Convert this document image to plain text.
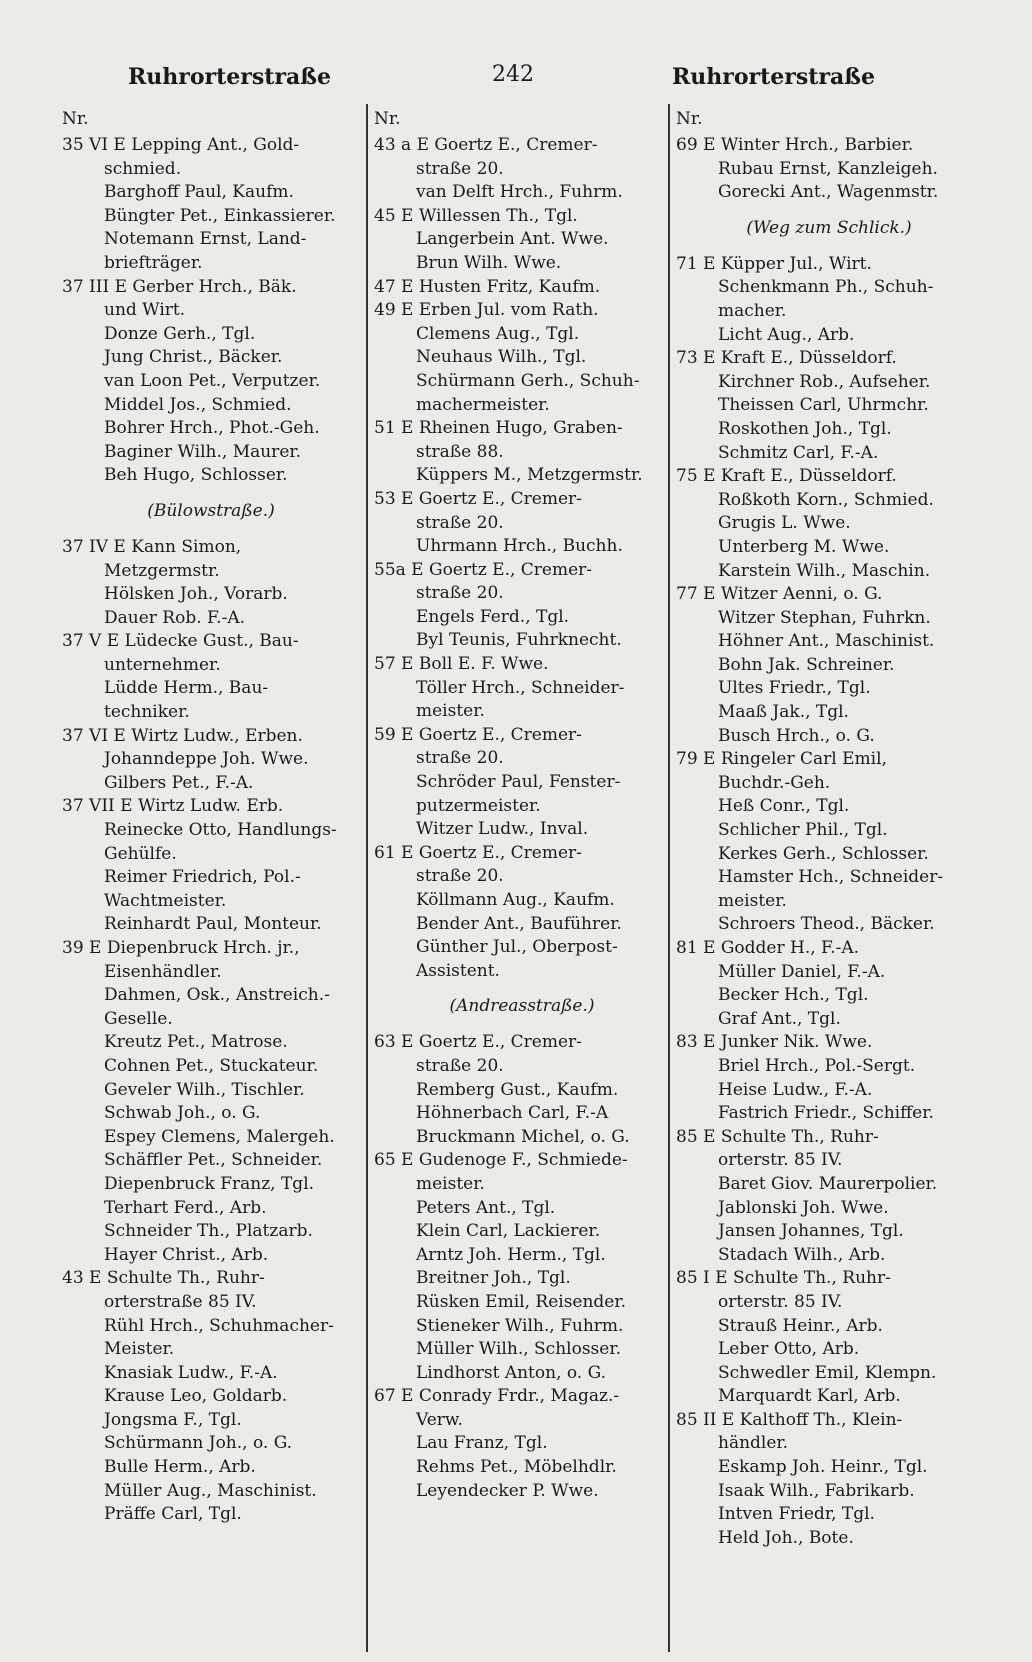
Ruhrorterstraße	242	Ruhrorterstraße
Nr.
35 VI E Lepping Ant., Gold-
schmied.
Barghoff Paul, Kaufm.
Büngter Pet., Einkassierer.
Notemann Ernst, Land-
briefträger.
37 III E Gerber Hrch., Bäk.
und Wirt.
Donze Gerh., Tgl.
Jung Christ., Bäcker.
van Loon Pet., Verputzer.
Middel Jos., Schmied.
Bohrer Hrch., Phot.-Geh.
Baginer Wilh., Maurer.
Beh Hugo, Schlosser.
(Bülowstraße.)
37 IV E Kann Simon,
Metzgermstr.
Hölsken Joh., Vorarb.
Dauer Rob. F.-A.
37 V E Lüdecke Gust., Bau-
unternehmer.
Lüdde Herm., Bau-
techniker.
37 VI E Wirtz Ludw., Erben.
Johanndeppe Joh. Wwe.
Gilbers Pet., F.-A.
37 VII E Wirtz Ludw. Erb.
Reinecke Otto, Handlungs-
Gehülfe.
Reimer Friedrich, Pol.-
Wachtmeister.
Reinhardt Paul, Monteur.
39 E Diepenbruck Hrch. jr.,
Eisenhändler.
Dahmen, Osk., Anstreich.-
Geselle.
Kreutz Pet., Matrose.
Cohnen Pet., Stuckateur.
Geveler Wilh., Tischler.
Schwab Joh., o. G.
Espey Clemens, Malergeh.
Schäffler Pet., Schneider.
Diepenbruck Franz, Tgl.
Terhart Ferd., Arb.
Schneider Th., Platzarb.
Hayer Christ., Arb.
43 E Schulte Th., Ruhr-
orterstraße 85 IV.
Rühl Hrch., Schuhmacher-
Meister.
Knasiak Ludw., F.-A.
Krause Leo, Goldarb.
Jongsma F., Tgl.
Schürmann Joh., o. G.
Bulle Herm., Arb.
Müller Aug., Maschinist.
Präffe Carl, Tgl.
Nr.
43 a E Goertz E., Cremer-
straße 20.
van Delft Hrch., Fuhrm.
45 E Willessen Th., Tgl.
Langerbein Ant. Wwe.
Brun Wilh. Wwe.
47 E Husten Fritz, Kaufm.
49 E Erben Jul. vom Rath.
Clemens Aug., Tgl.
Neuhaus Wilh., Tgl.
Schürmann Gerh., Schuh-
machermeister.
51 E Rheinen Hugo, Graben-
straße 88.
Küppers M., Metzgermstr.
53 E Goertz E., Cremer-
straße 20.
Uhrmann Hrch., Buchh.
55a E Goertz E., Cremer-
straße 20.
Engels Ferd., Tgl.
Byl Teunis, Fuhrknecht.
57 E Boll E. F. Wwe.
Töller Hrch., Schneider-
meister.
59 E Goertz E., Cremer-
straße 20.
Schröder Paul, Fenster-
putzermeister.
Witzer Ludw., Inval.
61 E Goertz E., Cremer-
straße 20.
Köllmann Aug., Kaufm.
Bender Ant., Bauführer.
Günther Jul., Oberpost-
Assistent.
(Andreasstraße.)
63 E Goertz E., Cremer-
straße 20.
Remberg Gust., Kaufm.
Höhnerbach Carl, F.-A
Bruckmann Michel, o. G.
65 E Gudenoge F., Schmiede-
meister.
Peters Ant., Tgl.
Klein Carl, Lackierer.
Arntz Joh. Herm., Tgl.
Breitner Joh., Tgl.
Rüsken Emil, Reisender.
Stieneker Wilh., Fuhrm.
Müller Wilh., Schlosser.
Lindhorst Anton, o. G.
67 E Conrady Frdr., Magaz.-
Verw.
Lau Franz, Tgl.
Rehms Pet., Möbelhdlr.
Leyendecker P. Wwe.
Nr.
69 E Winter Hrch., Barbier.
Rubau Ernst, Kanzleigeh.
Gorecki Ant., Wagenmstr.
(Weg zum Schlick.)
71 E Küpper Jul., Wirt.
Schenkmann Ph., Schuh-
macher.
Licht Aug., Arb.
73 E Kraft E., Düsseldorf.
Kirchner Rob., Aufseher.
Theissen Carl, Uhrmchr.
Roskothen Joh., Tgl.
Schmitz Carl, F.-A.
75 E Kraft E., Düsseldorf.
Roßkoth Korn., Schmied.
Grugis L. Wwe.
Unterberg M. Wwe.
Karstein Wilh., Maschin.
77 E Witzer Aenni, o. G.
Witzer Stephan, Fuhrkn.
Höhner Ant., Maschinist.
Bohn Jak. Schreiner.
Ultes Friedr., Tgl.
Maaß Jak., Tgl.
Busch Hrch., o. G.
79 E Ringeler Carl Emil,
Buchdr.-Geh.
Heß Conr., Tgl.
Schlicher Phil., Tgl.
Kerkes Gerh., Schlosser.
Hamster Hch., Schneider-
meister.
Schroers Theod., Bäcker.
81 E Godder H., F.-A.
Müller Daniel, F.-A.
Becker Hch., Tgl.
Graf Ant., Tgl.
83 E Junker Nik. Wwe.
Briel Hrch., Pol.-Sergt.
Heise Ludw., F.-A.
Fastrich Friedr., Schiffer.
85 E Schulte Th., Ruhr-
orterstr. 85 IV.
Baret Giov. Maurerpolier.
Jablonski Joh. Wwe.
Jansen Johannes, Tgl.
Stadach Wilh., Arb.
85 I E Schulte Th., Ruhr-
orterstr. 85 IV.
Strauß Heinr., Arb.
Leber Otto, Arb.
Schwedler Emil, Klempn.
Marquardt Karl, Arb.
85 II E Kalthoff Th., Klein-
händler.
Eskamp Joh. Heinr., Tgl.
Isaak Wilh., Fabrikarb.
Intven Friedr, Tgl.
Held Joh., Bote.
